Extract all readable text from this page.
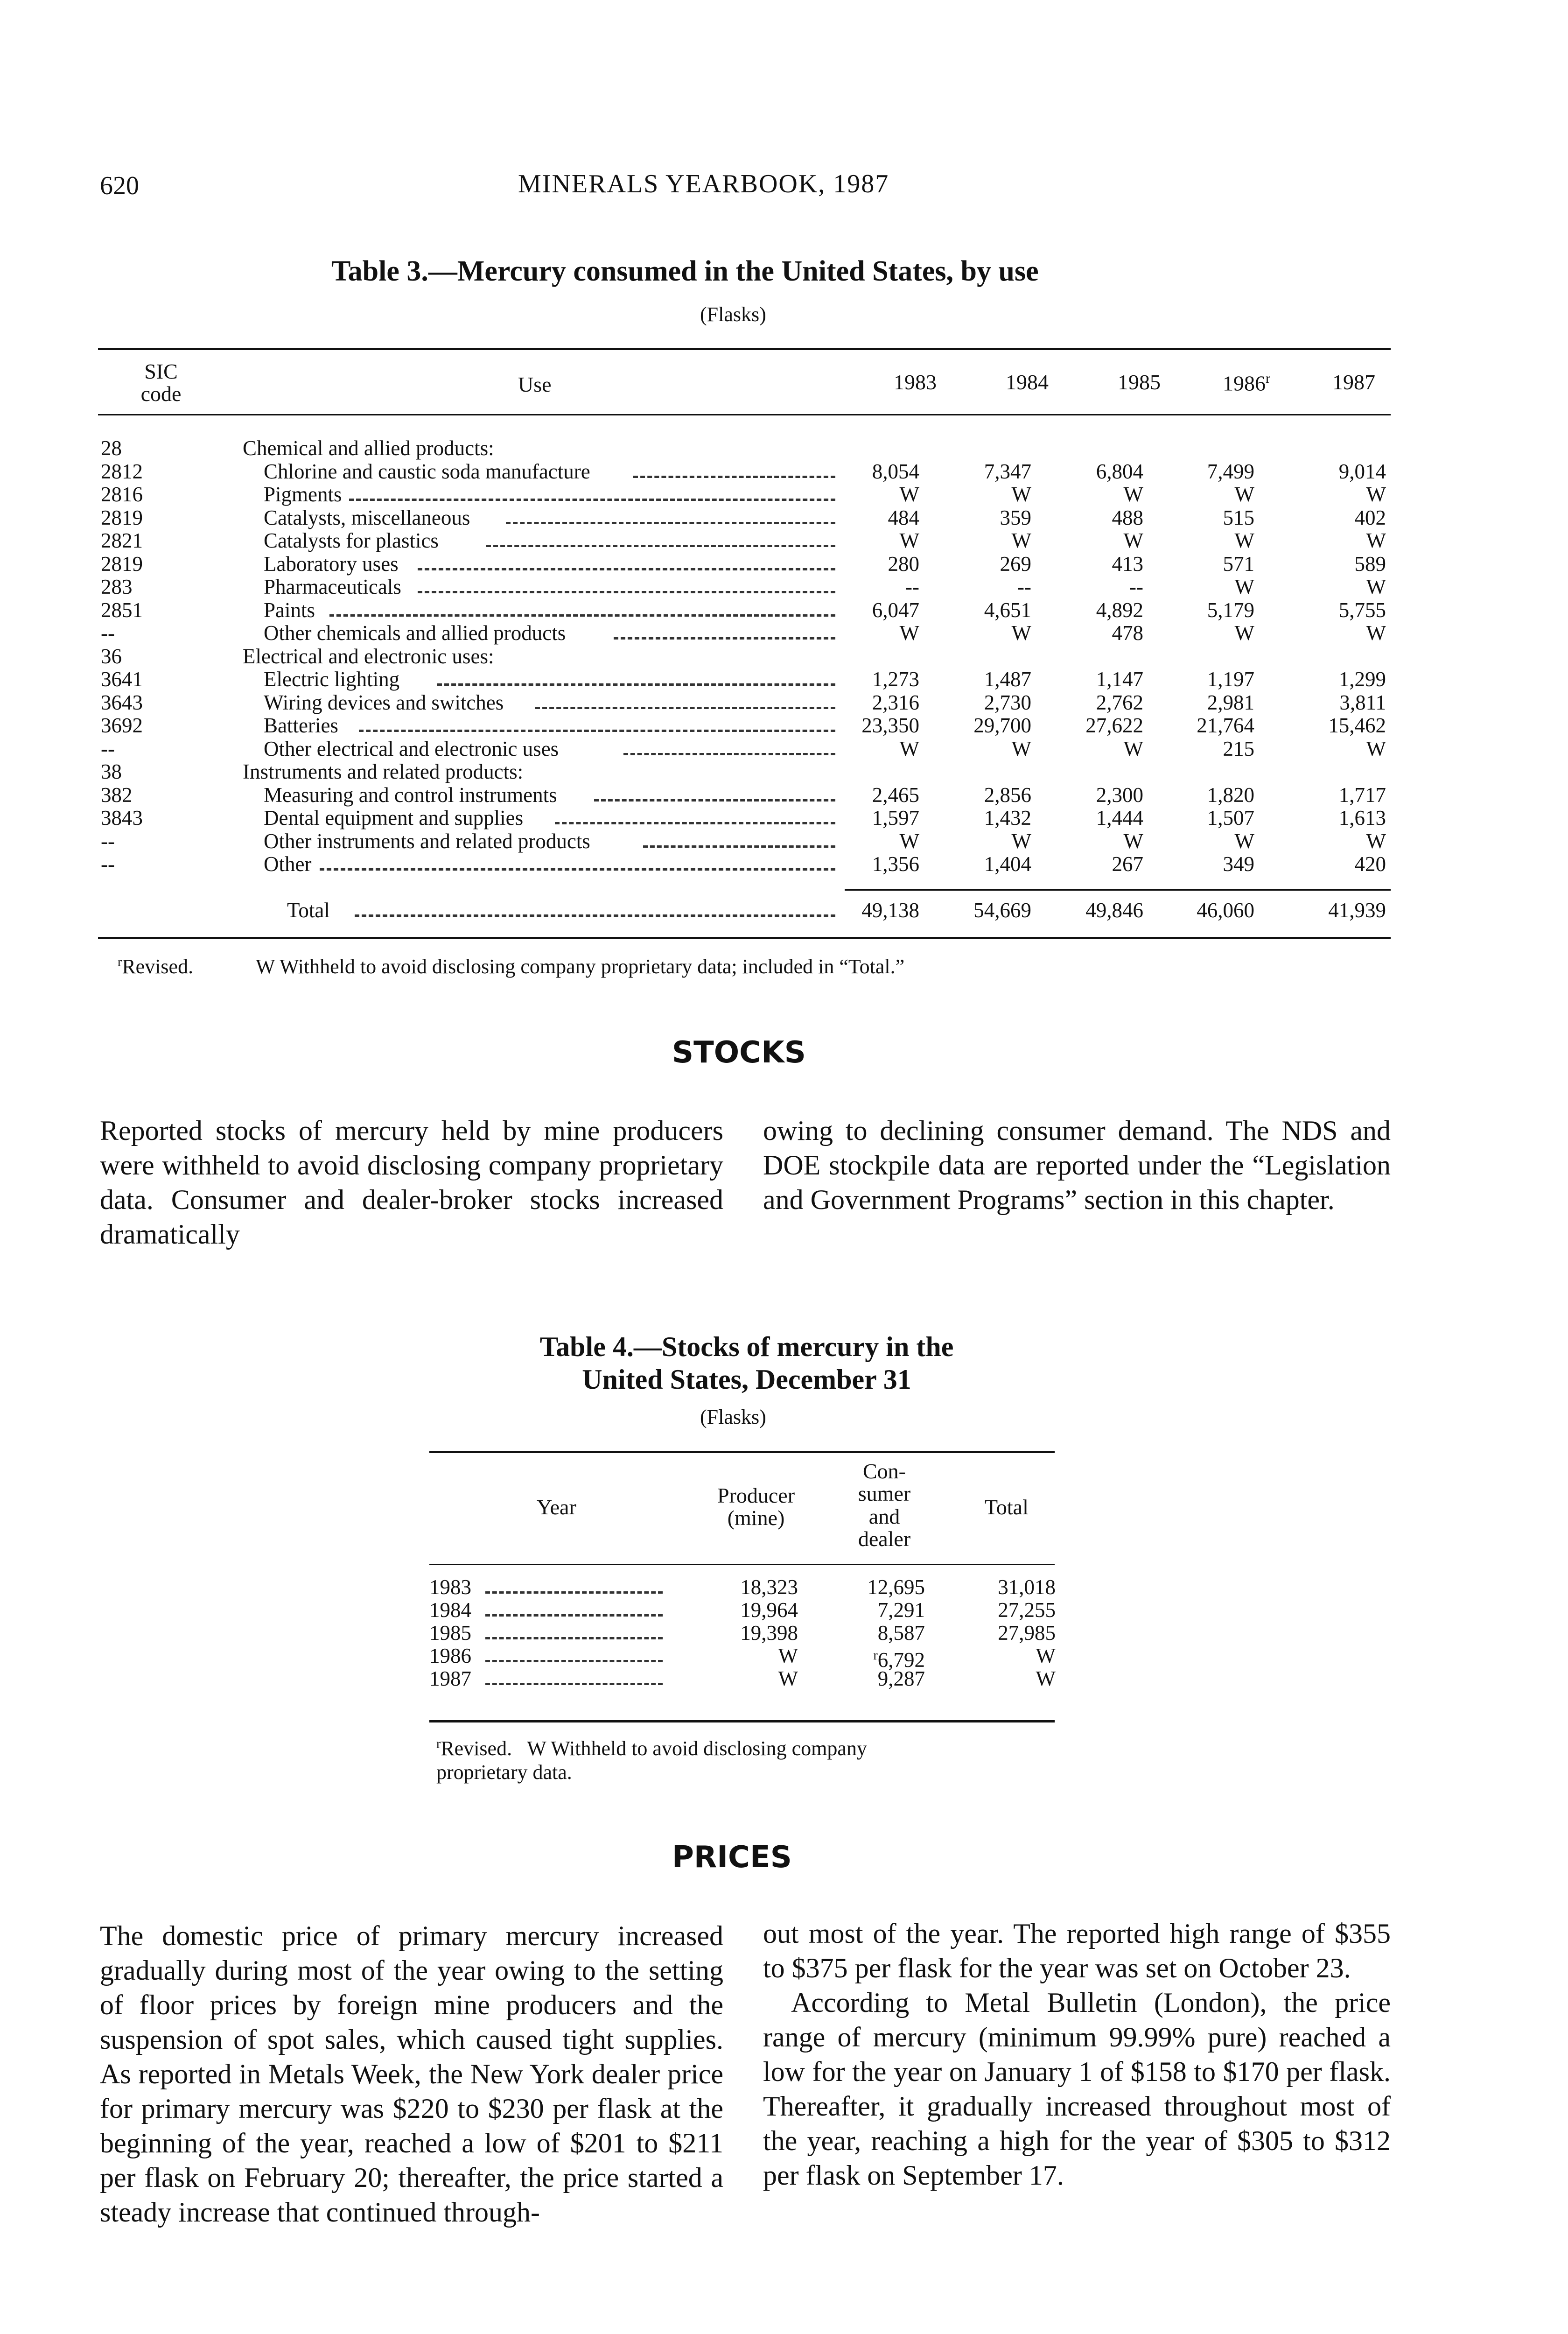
620	MINERALS YEARBOOK, 1987
Table 3.—Mercury consumed in the United States, by use
(Flasks)
SIC
code	Use	1983	1984	1985	1986$^r$	1987
28	Chemical and allied products:
2812	Chlorine and caustic soda manufacture	8,054	7,347	6,804	7,499	9,014
2816	Pigments	W	W	W	W	W
2819	Catalysts, miscellaneous	484	359	488	515	402
2821	Catalysts for plastics	W	W	W	W	W
2819	Laboratory uses	280	269	413	571	589
283	Pharmaceuticals	--	--	--	W	W
2851	Paints	6,047	4,651	4,892	5,179	5,755
--	Other chemicals and allied products	W	W	478	W	W
36	Electrical and electronic uses:
3641	Electric lighting	1,273	1,487	1,147	1,197	1,299
3643	Wiring devices and switches	2,316	2,730	2,762	2,981	3,811
3692	Batteries	23,350	29,700	27,622	21,764	15,462
--	Other electrical and electronic uses	W	W	W	215	W
38	Instruments and related products:
382	Measuring and control instruments	2,465	2,856	2,300	1,820	1,717
3843	Dental equipment and supplies	1,597	1,432	1,444	1,507	1,613
--	Other instruments and related products	W	W	W	W	W
--	Other	1,356	1,404	267	349	420
Total	49,138	54,669	49,846	46,060	41,939
$^r$Revised.	W Withheld to avoid disclosing company proprietary data; included in “Total.”
STOCKS

Reported stocks of mercury held by mine producers were withheld to avoid disclosing company proprietary data. Consumer and dealer-broker stocks increased dramatically

owing to declining consumer demand. The NDS and DOE stockpile data are reported under the “Legislation and Government Programs” section in this chapter.

Table 4.—Stocks of mercury in the
United States, December 31
(Flasks)
Year	Producer
(mine)
Con-
sumer
and
dealer
Total
1983	18,323	12,695	31,018
1984	19,964	7,291	27,255
1985	19,398	8,587	27,985
1986	W	$^r$6,792	W
1987	W	9,287	W
$^r$Revised.   W Withheld to avoid disclosing company
proprietary data.
PRICES

The domestic price of primary mercury increased gradually during most of the year owing to the setting of floor prices by foreign mine producers and the suspension of spot sales, which caused tight supplies. As reported in Metals Week, the New York dealer price for primary mercury was $220 to $230 per flask at the beginning of the year, reached a low of $201 to $211 per flask on February 20; thereafter, the price started a steady increase that continued through-

out most of the year. The reported high range of $355 to $375 per flask for the year was set on October 23.

According to Metal Bulletin (London), the price range of mercury (minimum 99.99% pure) reached a low for the year on January 1 of $158 to $170 per flask. Thereafter, it gradually increased throughout most of the year, reaching a high for the year of $305 to $312 per flask on September 17.
